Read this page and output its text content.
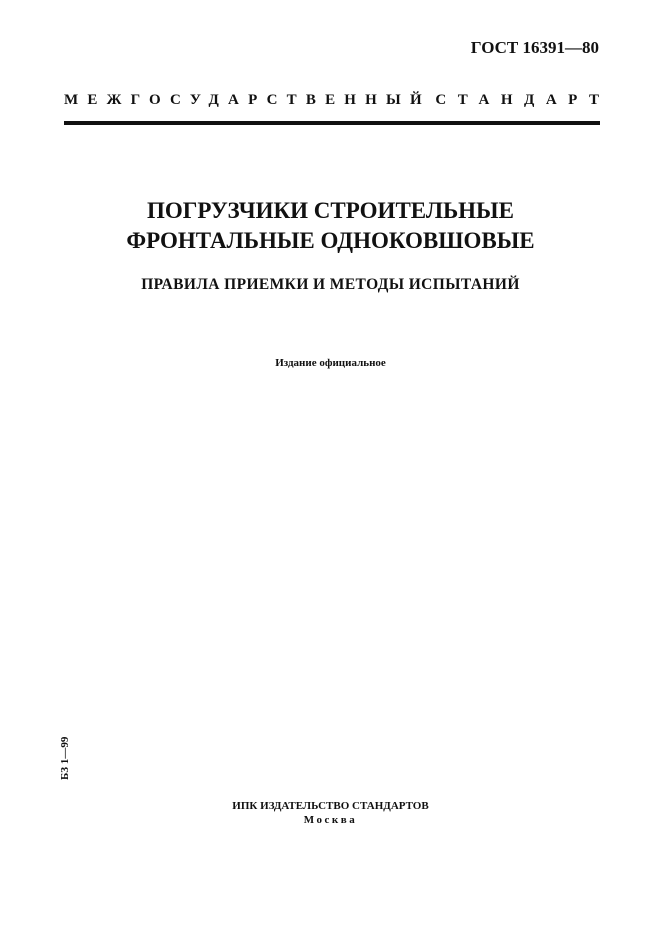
ГОСТ 16391—80
МЕЖГОСУДАРСТВЕННЫЙ СТАНДАРТ
ПОГРУЗЧИКИ СТРОИТЕЛЬНЫЕ
ФРОНТАЛЬНЫЕ ОДНОКОВШОВЫЕ
ПРАВИЛА ПРИЕМКИ И МЕТОДЫ ИСПЫТАНИЙ
Издание официальное
БЗ 1—99
ИПК ИЗДАТЕЛЬСТВО СТАНДАРТОВ
Москва
